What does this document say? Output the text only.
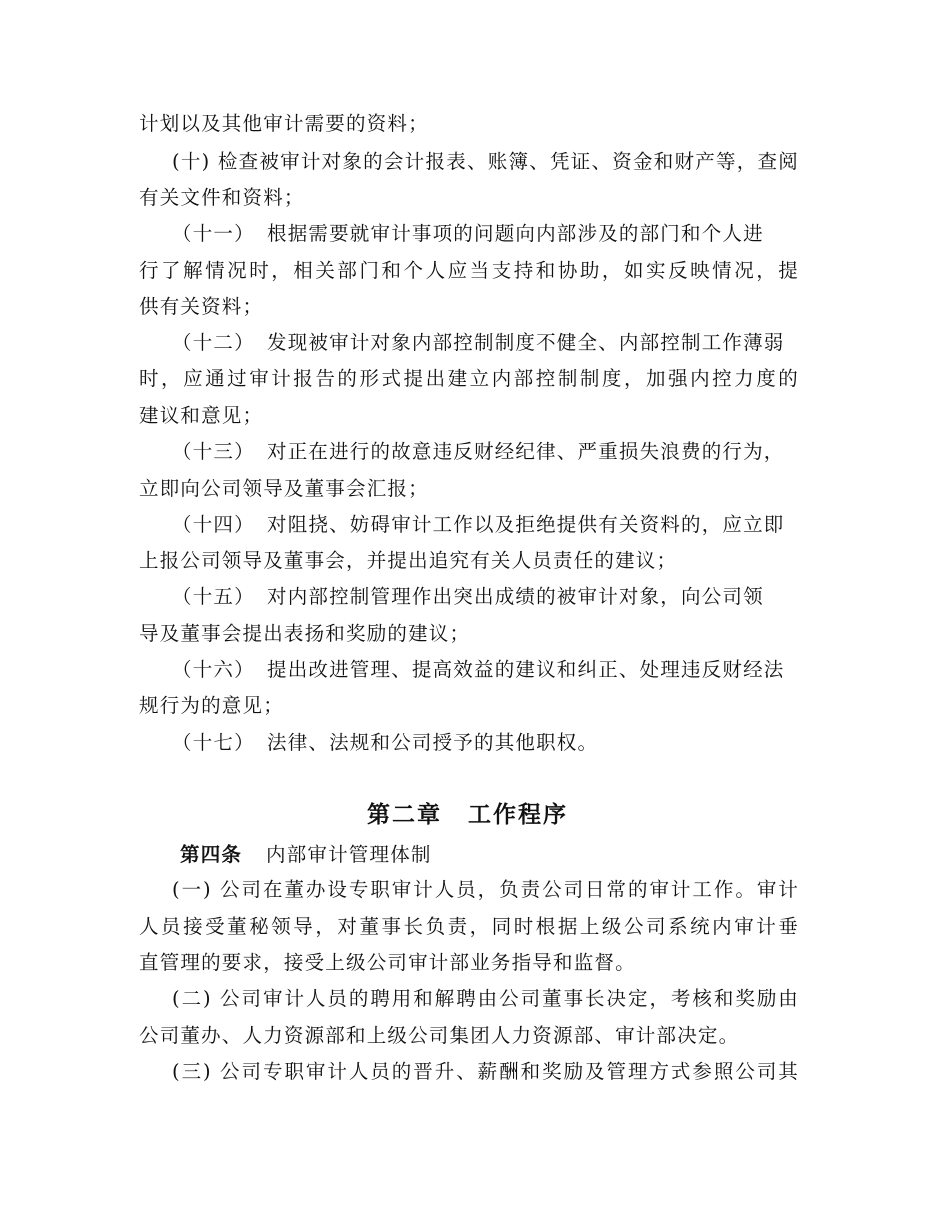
计划以及其他审计需要的资料；
(十) 检查被审计对象的会计报表、账簿、凭证、资金和财产等，查阅
有关文件和资料；
（十一） 根据需要就审计事项的问题向内部涉及的部门和个人进
行了解情况时，相关部门和个人应当支持和协助，如实反映情况，提
供有关资料；
（十二） 发现被审计对象内部控制制度不健全、内部控制工作薄弱
时，应通过审计报告的形式提出建立内部控制制度，加强内控力度的
建议和意见；
（十三） 对正在进行的故意违反财经纪律、严重损失浪费的行为，
立即向公司领导及董事会汇报；
（十四） 对阻挠、妨碍审计工作以及拒绝提供有关资料的，应立即
上报公司领导及董事会，并提出追究有关人员责任的建议；
（十五） 对内部控制管理作出突出成绩的被审计对象，向公司领
导及董事会提出表扬和奖励的建议；
（十六） 提出改进管理、提高效益的建议和纠正、处理违反财经法
规行为的意见；
（十七） 法律、法规和公司授予的其他职权。
第二章 工作程序
第四条 内部审计管理体制
(一) 公司在董办设专职审计人员，负责公司日常的审计工作。审计
人员接受董秘领导，对董事长负责，同时根据上级公司系统内审计垂
直管理的要求，接受上级公司审计部业务指导和监督。
(二) 公司审计人员的聘用和解聘由公司董事长决定，考核和奖励由
公司董办、人力资源部和上级公司集团人力资源部、审计部决定。
(三) 公司专职审计人员的晋升、薪酬和奖励及管理方式参照公司其
